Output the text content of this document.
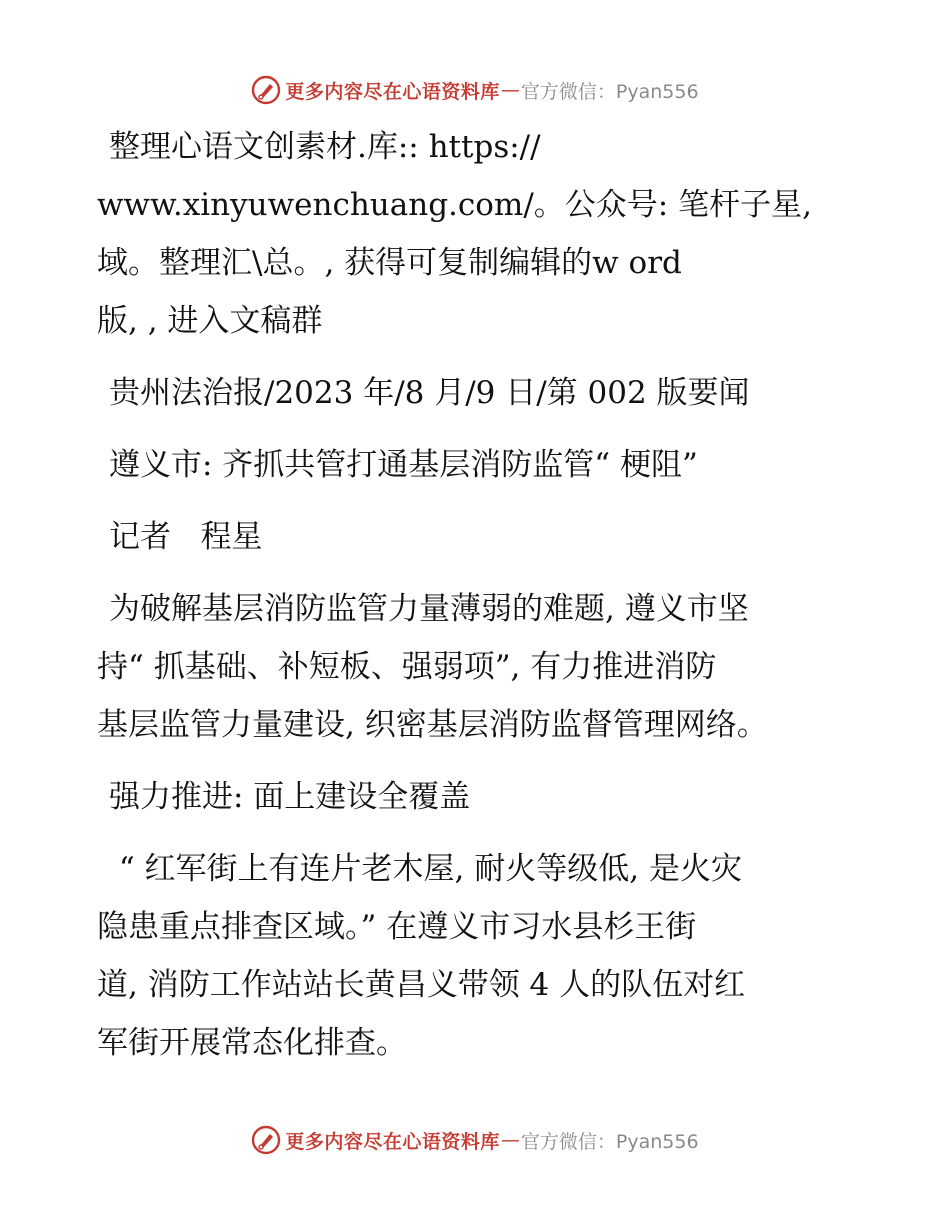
更多内容尽在心语资料库 — 官方微信：Pyan556
整理心语文创素材.库:: https://
www.xinyuwenchuang.com/。公众号: 笔杆子星,
域。整理汇\总。, 获得可复制编辑的w ord
版, , 进入文稿群
贵州法治报/2023 年/8 月/9 日/第 002 版要闻
遵义市: 齐抓共管打通基层消防监管“ 梗阻”
记者   程星
为破解基层消防监管力量薄弱的难题, 遵义市坚
持“ 抓基础、补短板、强弱项”, 有力推进消防
基层监管力量建设, 织密基层消防监督管理网络。
强力推进: 面上建设全覆盖
“ 红军街上有连片老木屋, 耐火等级低, 是火灾
隐患重点排查区域。” 在遵义市习水县杉王街
道, 消防工作站站长黄昌义带领 4 人的队伍对红
军街开展常态化排查。
更多内容尽在心语资料库 — 官方微信：Pyan556
